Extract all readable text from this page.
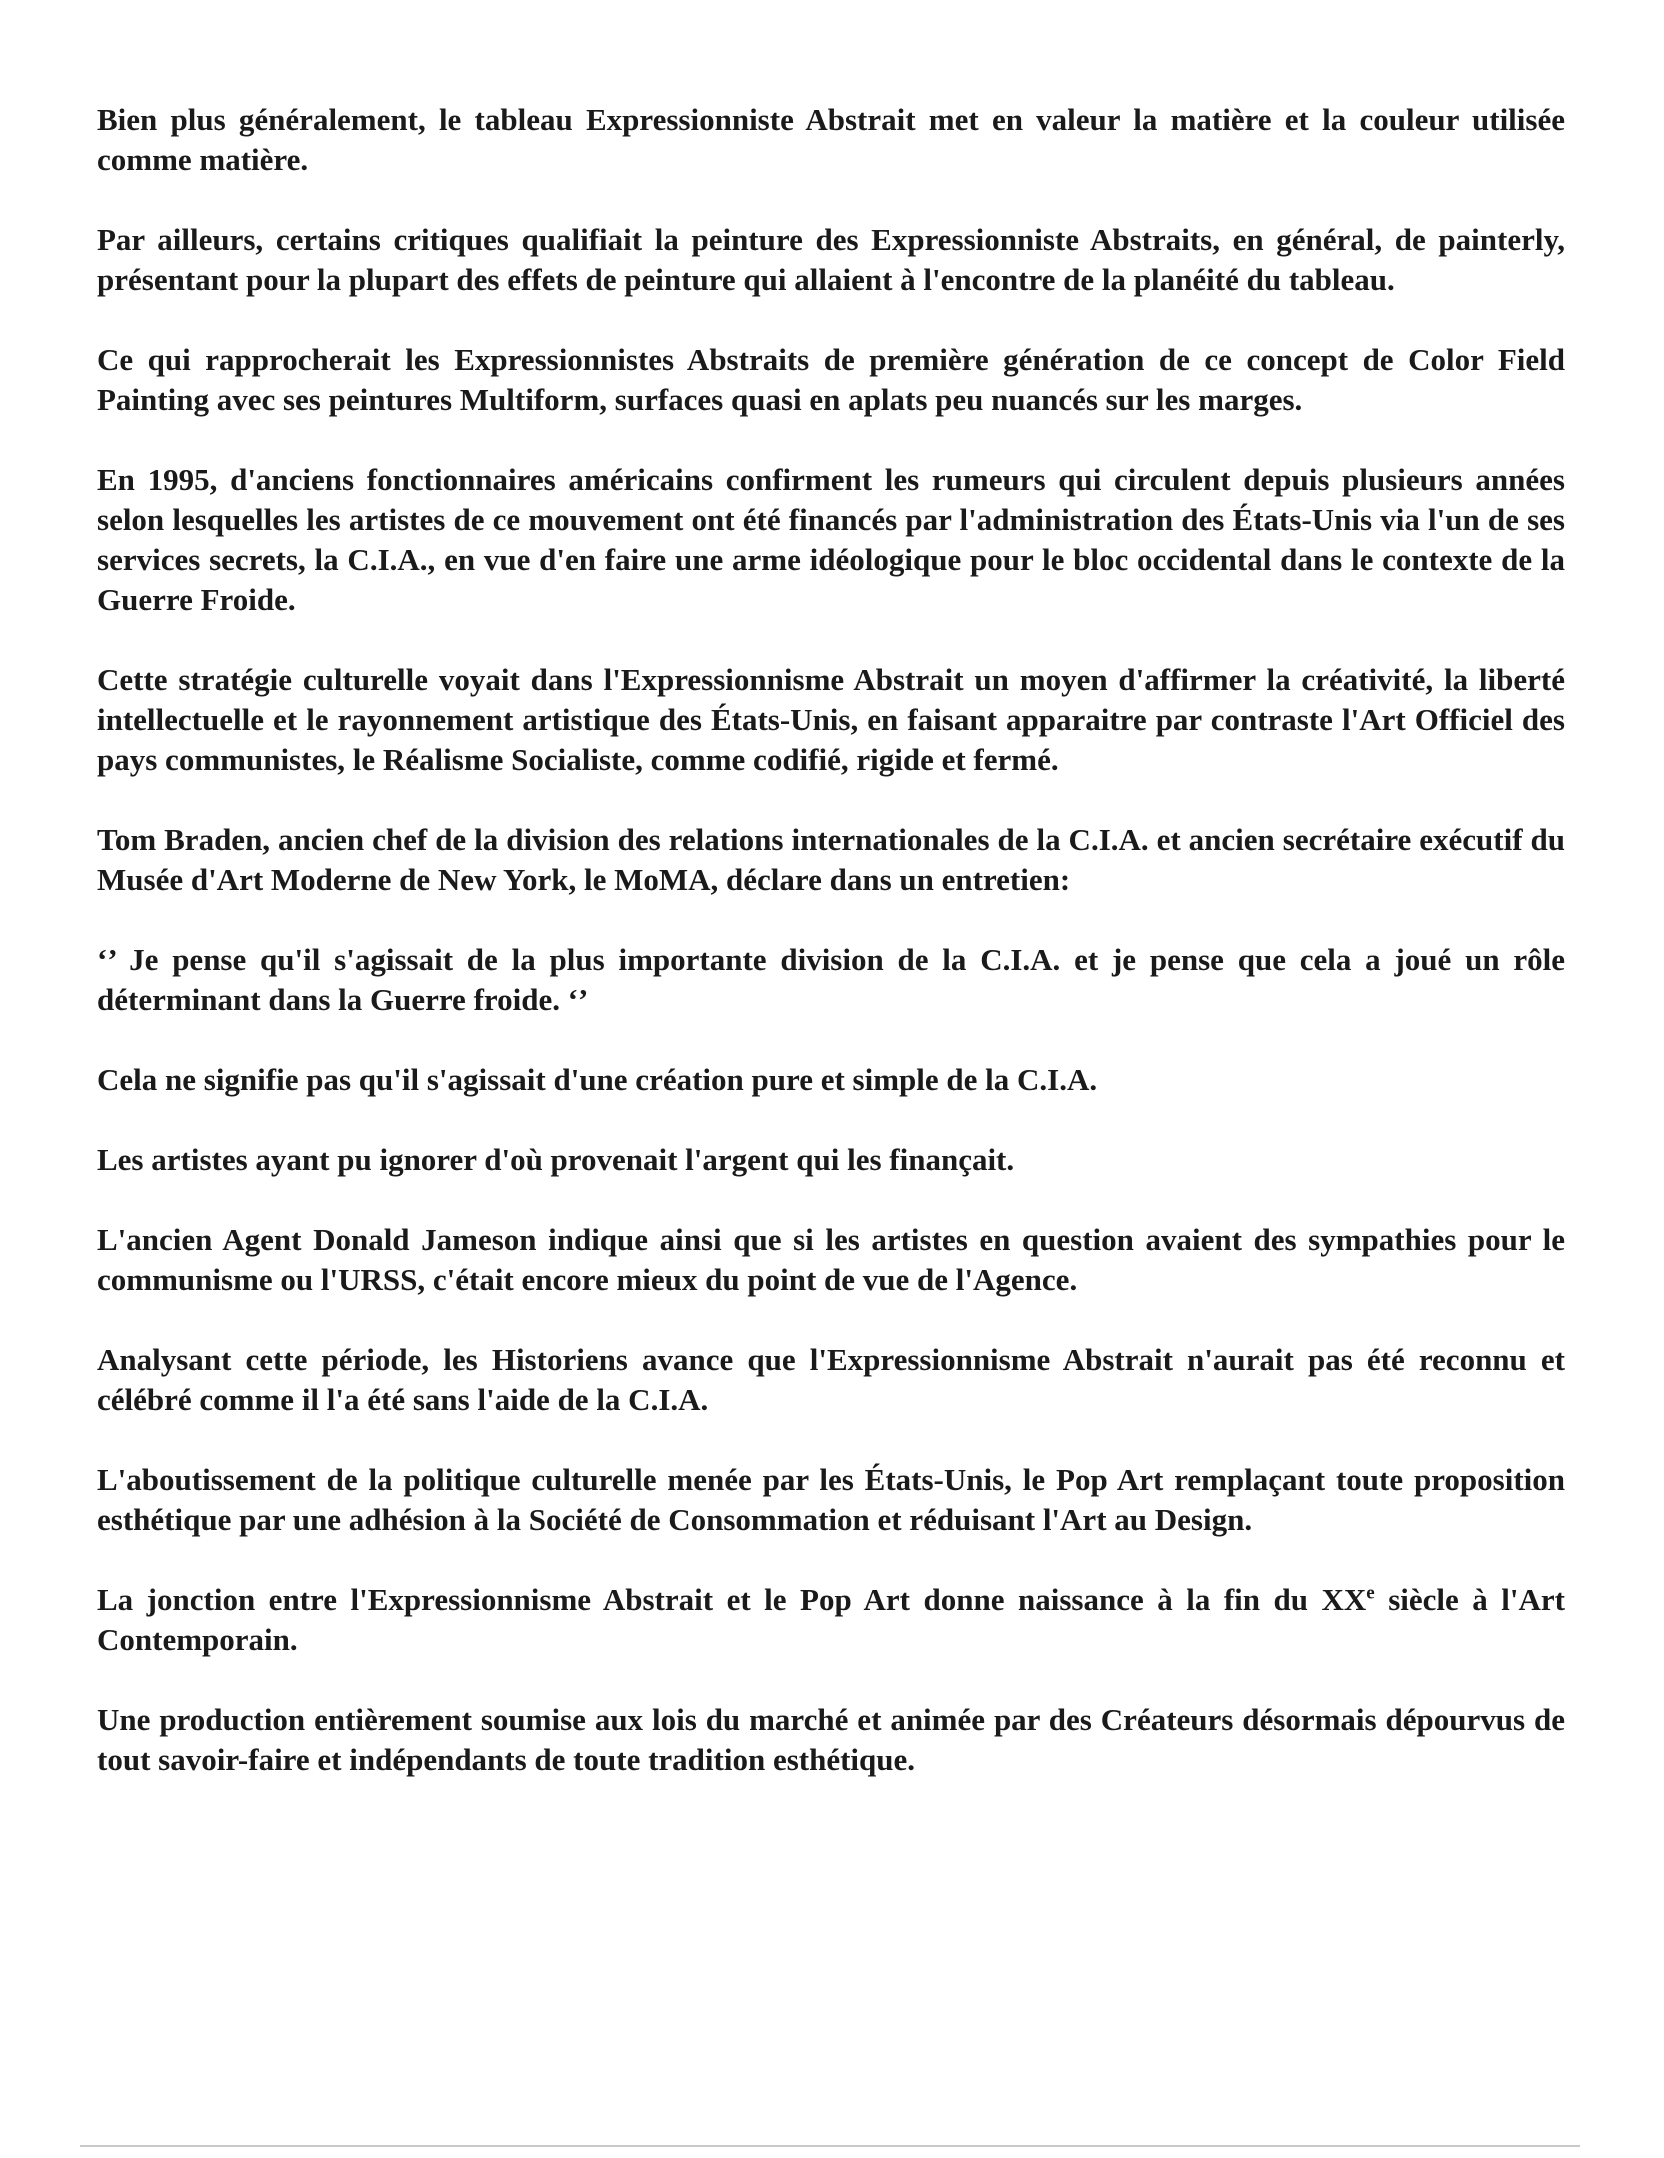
Bien plus généralement, le tableau Expressionniste Abstrait met en valeur la matière et la couleur utilisée comme matière.

Par ailleurs, certains critiques qualifiait la peinture des Expressionniste Abstraits, en général, de painterly, présentant pour la plupart des effets de peinture qui allaient à l'encontre de la planéité du tableau.

Ce qui rapprocherait les Expressionnistes Abstraits de première génération de ce concept de Color Field Painting avec ses peintures Multiform, surfaces quasi en aplats peu nuancés sur les marges.

En 1995, d'anciens fonctionnaires américains confirment les rumeurs qui circulent depuis plusieurs années selon lesquelles les artistes de ce mouvement ont été financés par l'administration des États-Unis via l'un de ses services secrets, la C.I.A., en vue d'en faire une arme idéologique pour le bloc occidental dans le contexte de la Guerre Froide.

Cette stratégie culturelle voyait dans l'Expressionnisme Abstrait un moyen d'affirmer la créativité, la liberté intellectuelle et le rayonnement artistique des États-Unis, en faisant apparaitre par contraste l'Art Officiel des pays communistes, le Réalisme Socialiste, comme codifié, rigide et fermé.

Tom Braden, ancien chef de la division des relations internationales de la C.I.A. et ancien secrétaire exécutif du Musée d'Art Moderne de New York, le MoMA, déclare dans un entretien:

‘’ Je pense qu'il s'agissait de la plus importante division de la C.I.A. et je pense que cela a joué un rôle déterminant dans la Guerre froide. ‘’

Cela ne signifie pas qu'il s'agissait d'une création pure et simple de la C.I.A.

Les artistes ayant pu ignorer d'où provenait l'argent qui les finançait.

L'ancien Agent Donald Jameson indique ainsi que si les artistes en question avaient des sympathies pour le communisme ou l'URSS, c'était encore mieux du point de vue de l'Agence.

Analysant cette période, les Historiens avance que l'Expressionnisme Abstrait n'aurait pas été reconnu et célébré comme il l'a été sans l'aide de la C.I.A.

L'aboutissement de la politique culturelle menée par les États-Unis, le Pop Art remplaçant toute proposition esthétique par une adhésion à la Société de Consommation et réduisant l'Art au Design.

La jonction entre l'Expressionnisme Abstrait et le Pop Art donne naissance à la fin du XXe siècle à l'Art Contemporain.

Une production entièrement soumise aux lois du marché et animée par des Créateurs désormais dépourvus de tout savoir-faire et indépendants de toute tradition esthétique.
